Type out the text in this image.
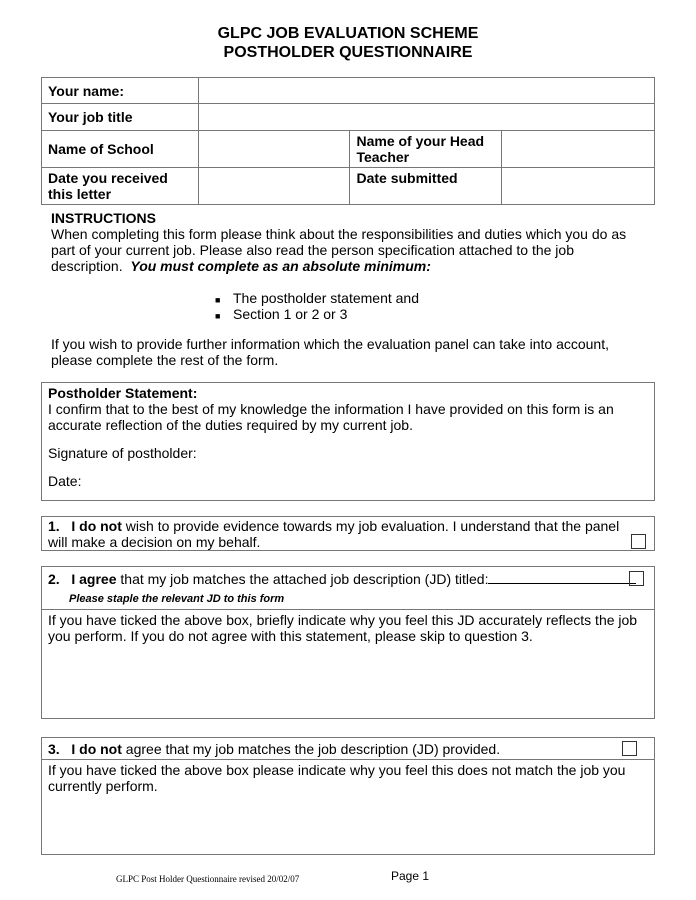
GLPC JOB EVALUATION SCHEME
POSTHOLDER QUESTIONNAIRE
Your name:			
Your job title			
Name of School		Name of your Head Teacher	
Date you received this letter		Date submitted	
INSTRUCTIONS
When completing this form please think about the responsibilities and duties which you do as part of your current job. Please also read the person specification attached to the job description. You must complete as an absolute minimum:
■ The postholder statement and
■ Section 1 or 2 or 3
If you wish to provide further information which the evaluation panel can take into account, please complete the rest of the form.
Postholder Statement:
I confirm that to the best of my knowledge the information I have provided on this form is an accurate reflection of the duties required by my current job.
Signature of postholder:
Date:
1. I do not wish to provide evidence towards my job evaluation. I understand that the panel will make a decision on my behalf.
2. I agree that my job matches the attached job description (JD) titled:
Please staple the relevant JD to this form
If you have ticked the above box, briefly indicate why you feel this JD accurately reflects the job you perform. If you do not agree with this statement, please skip to question 3.
3. I do not agree that my job matches the job description (JD) provided.
If you have ticked the above box please indicate why you feel this does not match the job you currently perform.
GLPC Post Holder Questionnaire revised 20/02/07	Page 1
